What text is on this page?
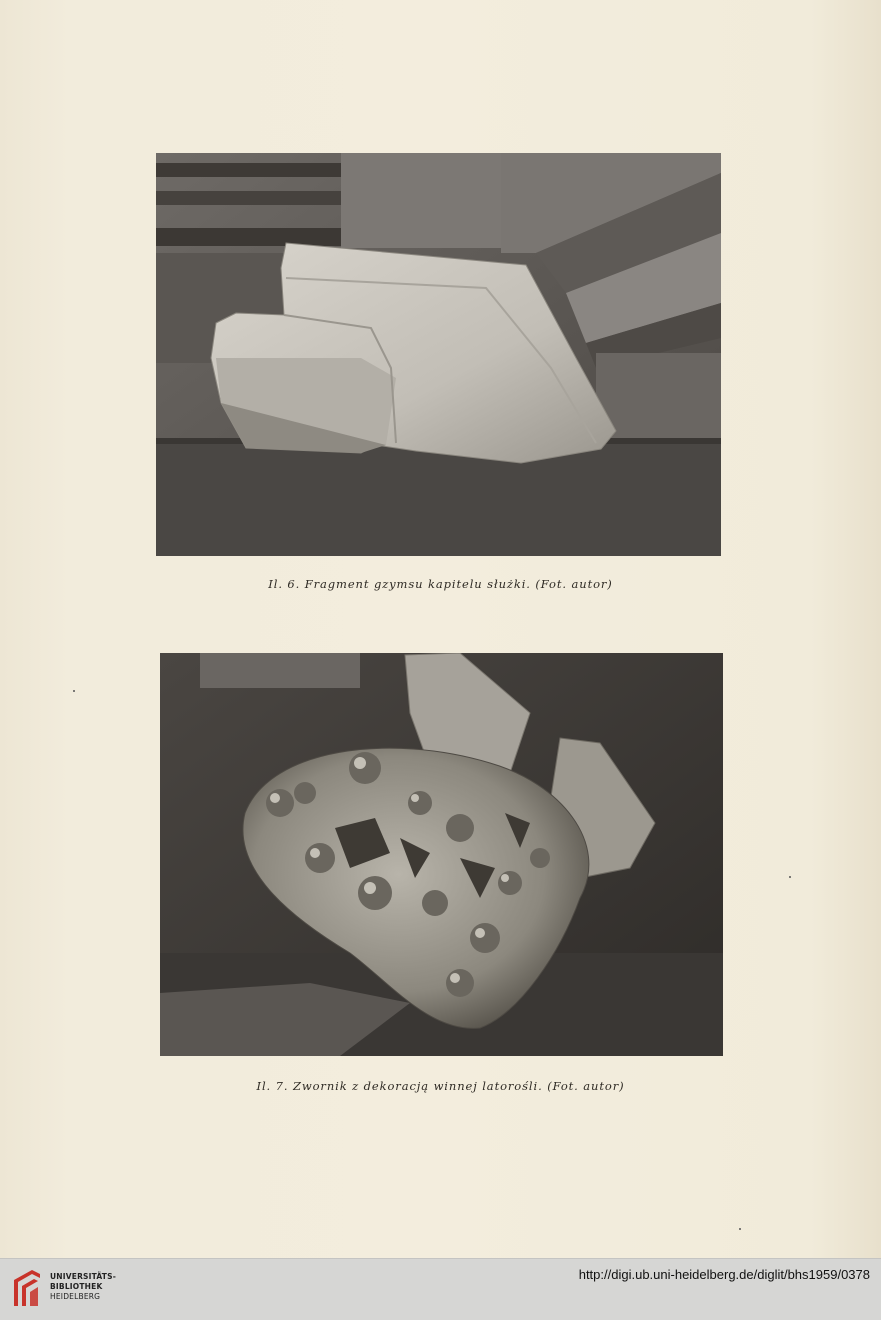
Il. 6. Fragment gzymsu kapitelu służki. (Fot. autor)
Il. 7. Zwornik z dekoracją winnej latorośli. (Fot. autor)
UNIVERSITÄTS-
BIBLIOTHEK
HEIDELBERG
http://digi.ub.uni-heidelberg.de/diglit/bhs1959/0378
